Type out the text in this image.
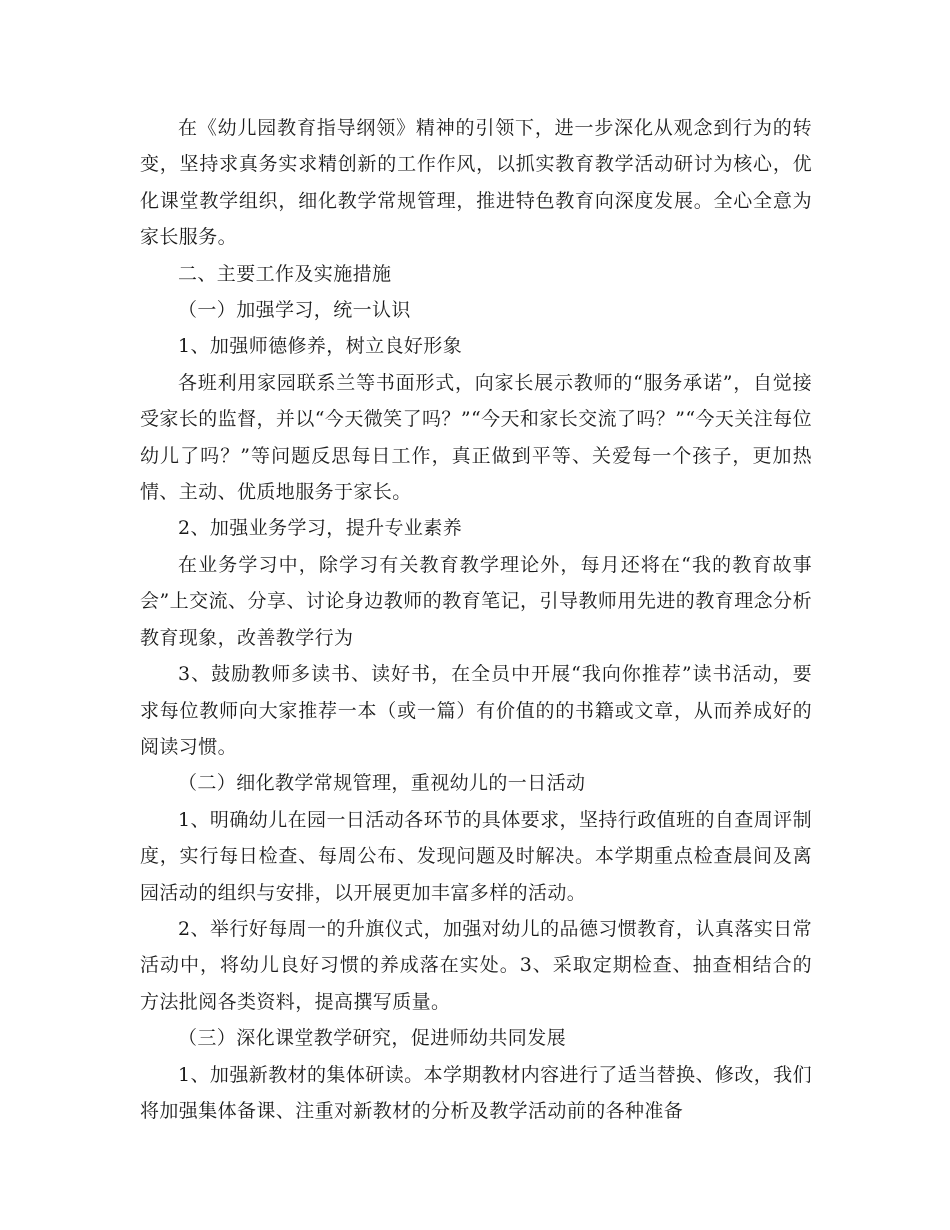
在《幼儿园教育指导纲领》精神的引领下，进一步深化从观念到行为的转变，坚持求真务实求精创新的工作作风，以抓实教育教学活动研讨为核心，优化课堂教学组织，细化教学常规管理，推进特色教育向深度发展。全心全意为家长服务。

二、主要工作及实施措施

（一）加强学习，统一认识

1、加强师德修养，树立良好形象

各班利用家园联系兰等书面形式，向家长展示教师的“服务承诺”，自觉接受家长的监督，并以“今天微笑了吗？”“今天和家长交流了吗？”“今天关注每位幼儿了吗？”等问题反思每日工作，真正做到平等、关爱每一个孩子，更加热情、主动、优质地服务于家长。

2、加强业务学习，提升专业素养

在业务学习中，除学习有关教育教学理论外，每月还将在“我的教育故事会”上交流、分享、讨论身边教师的教育笔记，引导教师用先进的教育理念分析教育现象，改善教学行为

3、鼓励教师多读书、读好书，在全员中开展“我向你推荐”读书活动，要求每位教师向大家推荐一本（或一篇）有价值的的书籍或文章，从而养成好的阅读习惯。

（二）细化教学常规管理，重视幼儿的一日活动

1、明确幼儿在园一日活动各环节的具体要求，坚持行政值班的自查周评制度，实行每日检查、每周公布、发现问题及时解决。本学期重点检查晨间及离园活动的组织与安排，以开展更加丰富多样的活动。

2、举行好每周一的升旗仪式，加强对幼儿的品德习惯教育，认真落实日常活动中，将幼儿良好习惯的养成落在实处。3、采取定期检查、抽查相结合的方法批阅各类资料，提高撰写质量。

（三）深化课堂教学研究，促进师幼共同发展

1、加强新教材的集体研读。本学期教材内容进行了适当替换、修改，我们将加强集体备课、注重对新教材的分析及教学活动前的各种准备
